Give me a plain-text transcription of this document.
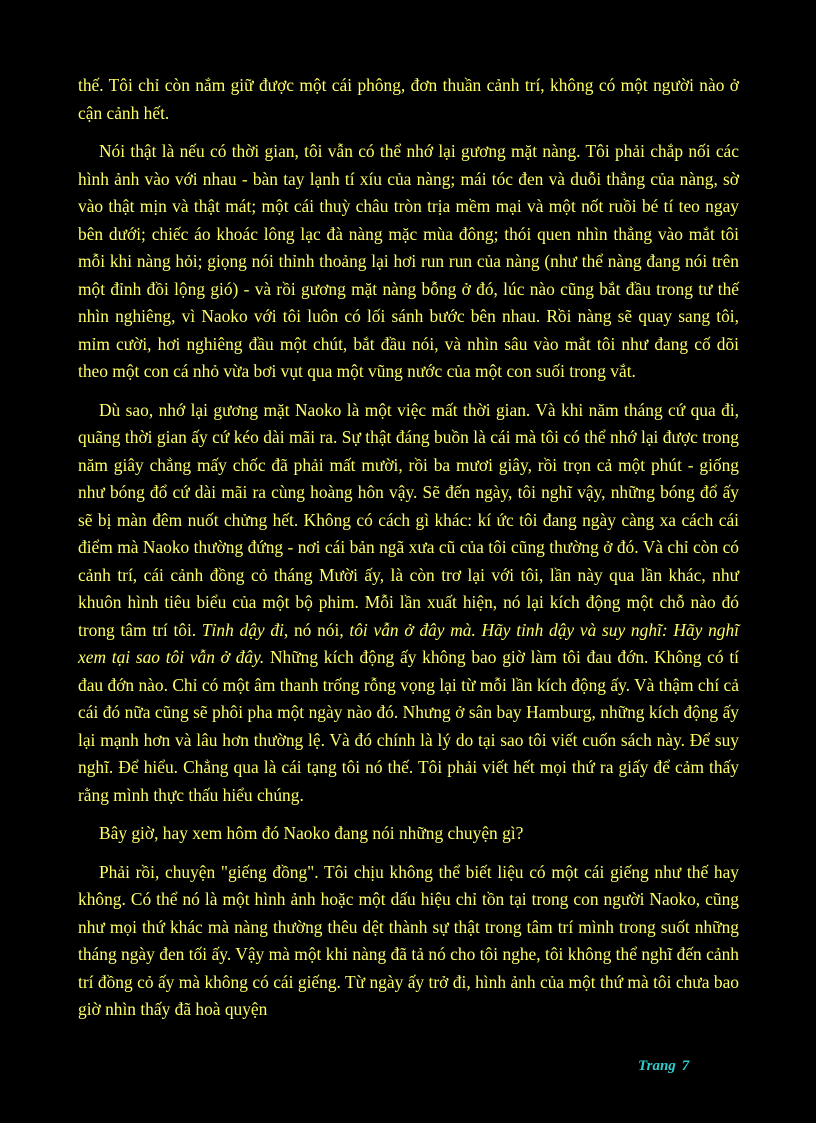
thế. Tôi chỉ còn nắm giữ được một cái phông, đơn thuần cảnh trí, không có một người nào ở cận cảnh hết.

Nói thật là nếu có thời gian, tôi vẫn có thể nhớ lại gương mặt nàng. Tôi phải chắp nối các hình ảnh vào với nhau - bàn tay lạnh tí xíu của nàng; mái tóc đen và duỗi thẳng của nàng, sờ vào thật mịn và thật mát; một cái thuỳ châu tròn trịa mềm mại và một nốt ruồi bé tí teo ngay bên dưới; chiếc áo khoác lông lạc đà nàng mặc mùa đông; thói quen nhìn thẳng vào mắt tôi mỗi khi nàng hỏi; giọng nói thỉnh thoảng lại hơi run run của nàng (như thể nàng đang nói trên một đỉnh đồi lộng gió) - và rồi gương mặt nàng bỗng ở đó, lúc nào cũng bắt đầu trong tư thế nhìn nghiêng, vì Naoko với tôi luôn có lối sánh bước bên nhau. Rồi nàng sẽ quay sang tôi, mỉm cười, hơi nghiêng đầu một chút, bắt đầu nói, và nhìn sâu vào mắt tôi như đang cố dõi theo một con cá nhỏ vừa bơi vụt qua một vũng nước của một con suối trong vắt.

Dù sao, nhớ lại gương mặt Naoko là một việc mất thời gian. Và khi năm tháng cứ qua đi, quãng thời gian ấy cứ kéo dài mãi ra. Sự thật đáng buồn là cái mà tôi có thể nhớ lại được trong năm giây chẳng mấy chốc đã phải mất mười, rồi ba mươi giây, rồi trọn cả một phút - giống như bóng đổ cứ dài mãi ra cùng hoàng hôn vậy. Sẽ đến ngày, tôi nghĩ vậy, những bóng đổ ấy sẽ bị màn đêm nuốt chửng hết. Không có cách gì khác: kí ức tôi đang ngày càng xa cách cái điểm mà Naoko thường đứng - nơi cái bản ngã xưa cũ của tôi cũng thường ở đó. Và chỉ còn có cảnh trí, cái cảnh đồng cỏ tháng Mười ấy, là còn trơ lại với tôi, lần này qua lần khác, như khuôn hình tiêu biểu của một bộ phim. Mỗi lần xuất hiện, nó lại kích động một chỗ nào đó trong tâm trí tôi. Tỉnh dậy đi, nó nói, tôi vẫn ở đây mà. Hãy tỉnh dậy và suy nghĩ: Hãy nghĩ xem tại sao tôi vẫn ở đây. Những kích động ấy không bao giờ làm tôi đau đớn. Không có tí đau đớn nào. Chỉ có một âm thanh trống rỗng vọng lại từ mỗi lần kích động ấy. Và thậm chí cả cái đó nữa cũng sẽ phôi pha một ngày nào đó. Nhưng ở sân bay Hamburg, những kích động ấy lại mạnh hơn và lâu hơn thường lệ. Và đó chính là lý do tại sao tôi viết cuốn sách này. Để suy nghĩ. Để hiểu. Chẳng qua là cái tạng tôi nó thế. Tôi phải viết hết mọi thứ ra giấy để cảm thấy rằng mình thực thấu hiểu chúng.

Bây giờ, hay xem hôm đó Naoko đang nói những chuyện gì?

Phải rồi, chuyện "giếng đồng". Tôi chịu không thể biết liệu có một cái giếng như thế hay không. Có thể nó là một hình ảnh hoặc một dấu hiệu chỉ tồn tại trong con người Naoko, cũng như mọi thứ khác mà nàng thường thêu dệt thành sự thật trong tâm trí mình trong suốt những tháng ngày đen tối ấy. Vậy mà một khi nàng đã tả nó cho tôi nghe, tôi không thể nghĩ đến cảnh trí đồng cỏ ấy mà không có cái giếng. Từ ngày ấy trở đi, hình ảnh của một thứ mà tôi chưa bao giờ nhìn thấy đã hoà quyện

Trang 7
